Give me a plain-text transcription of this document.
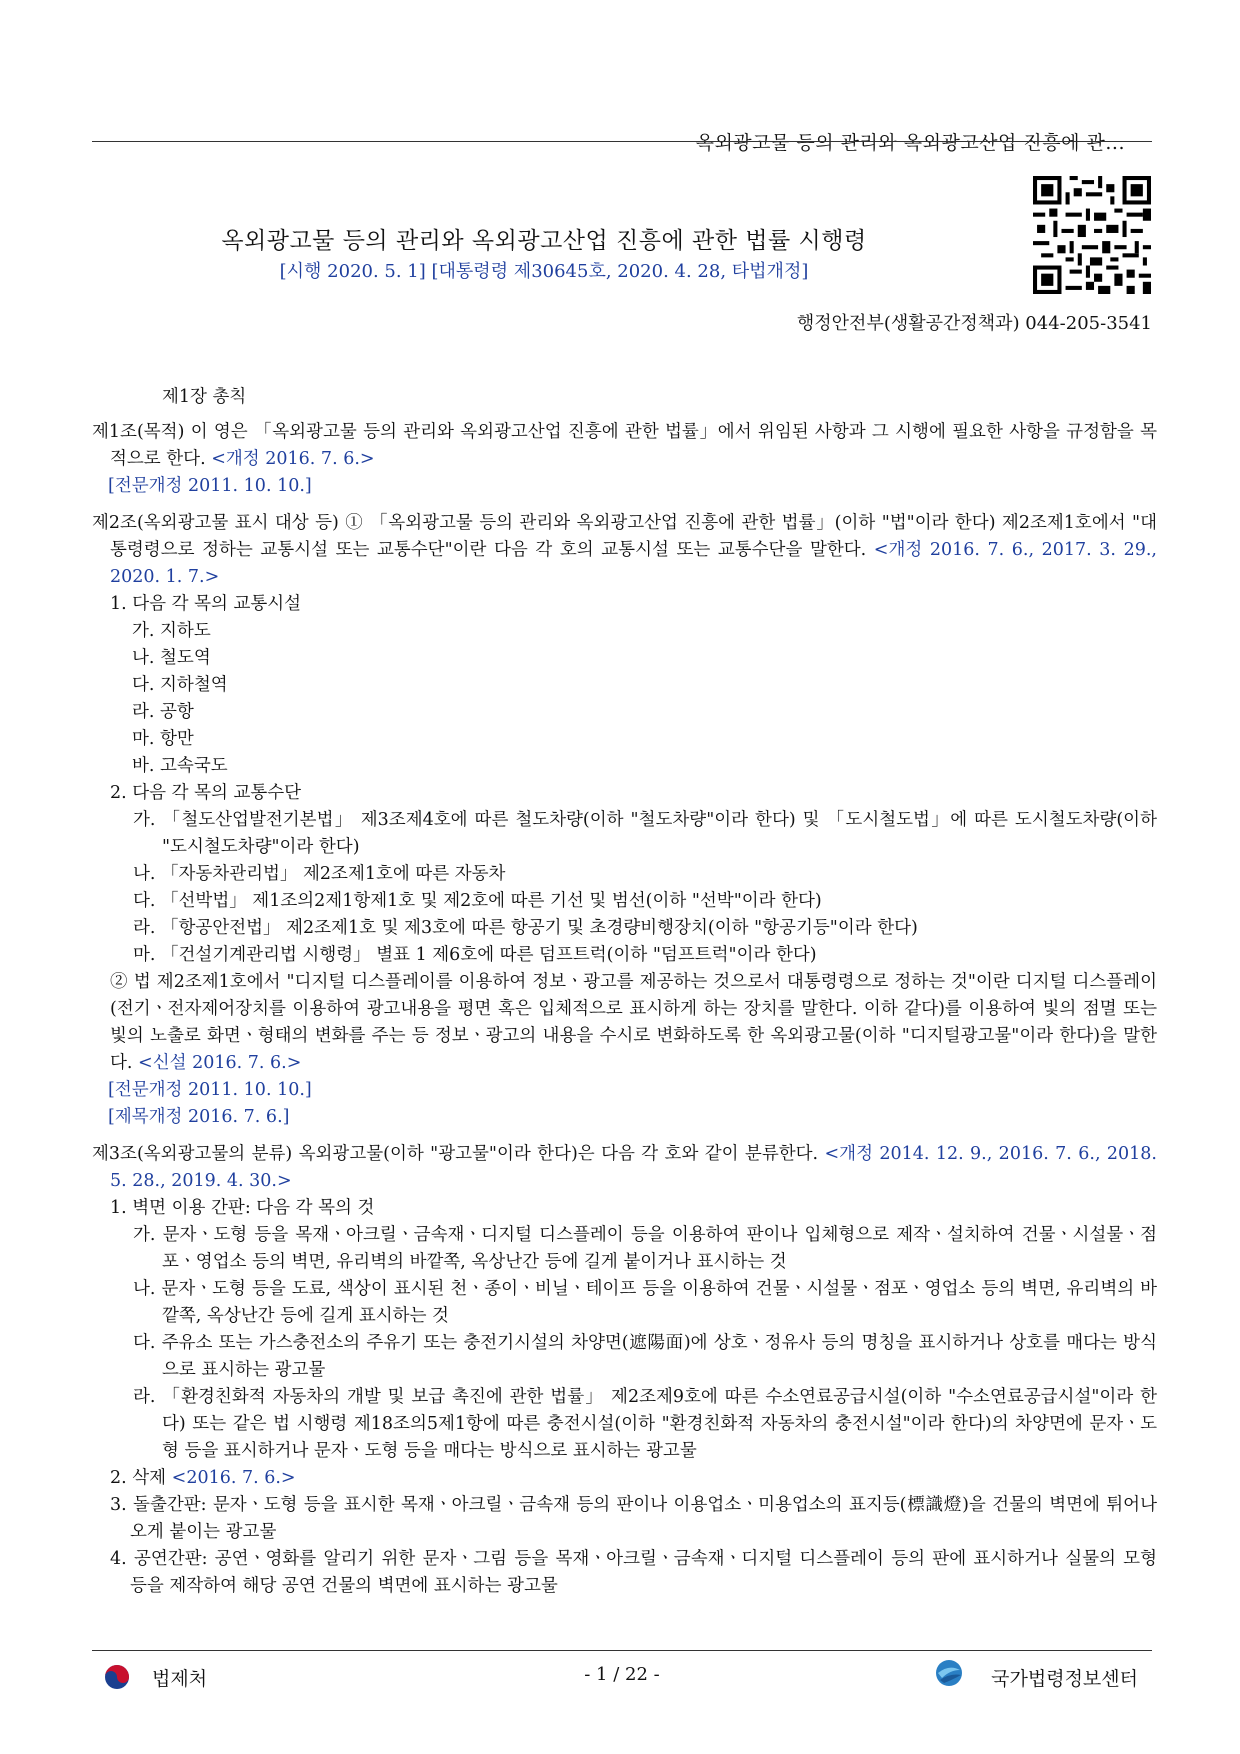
옥외광고물 등의 관리와 옥외광고산업 진흥에 관...
옥외광고물 등의 관리와 옥외광고산업 진흥에 관한 법률 시행령
[시행 2020. 5. 1] [대통령령 제30645호, 2020. 4. 28, 타법개정]
행정안전부(생활공간정책과) 044-205-3541
제1장 총칙
제1조(목적) 이 영은 「옥외광고물 등의 관리와 옥외광고산업 진흥에 관한 법률」에서 위임된 사항과 그 시행에 필요한 사항을 규정함을 목적으로 한다. <개정 2016. 7. 6.>
[전문개정 2011. 10. 10.]
제2조(옥외광고물 표시 대상 등) ① 「옥외광고물 등의 관리와 옥외광고산업 진흥에 관한 법률」(이하 "법"이라 한다) 제2조제1호에서 "대통령령으로 정하는 교통시설 또는 교통수단"이란 다음 각 호의 교통시설 또는 교통수단을 말한다. <개정 2016. 7. 6., 2017. 3. 29., 2020. 1. 7.>
1. 다음 각 목의 교통시설
가. 지하도
나. 철도역
다. 지하철역
라. 공항
마. 항만
바. 고속국도
2. 다음 각 목의 교통수단
가. 「철도산업발전기본법」 제3조제4호에 따른 철도차량(이하 "철도차량"이라 한다) 및 「도시철도법」에 따른 도시철도차량(이하 "도시철도차량"이라 한다)
나. 「자동차관리법」 제2조제1호에 따른 자동차
다. 「선박법」 제1조의2제1항제1호 및 제2호에 따른 기선 및 범선(이하 "선박"이라 한다)
라. 「항공안전법」 제2조제1호 및 제3호에 따른 항공기 및 초경량비행장치(이하 "항공기등"이라 한다)
마. 「건설기계관리법 시행령」 별표 1 제6호에 따른 덤프트럭(이하 "덤프트럭"이라 한다)
② 법 제2조제1호에서 "디지털 디스플레이를 이용하여 정보ㆍ광고를 제공하는 것으로서 대통령령으로 정하는 것"이란 디지털 디스플레이(전기ㆍ전자제어장치를 이용하여 광고내용을 평면 혹은 입체적으로 표시하게 하는 장치를 말한다. 이하 같다)를 이용하여 빛의 점멸 또는 빛의 노출로 화면ㆍ형태의 변화를 주는 등 정보ㆍ광고의 내용을 수시로 변화하도록 한 옥외광고물(이하 "디지털광고물"이라 한다)을 말한다. <신설 2016. 7. 6.>
[전문개정 2011. 10. 10.]
[제목개정 2016. 7. 6.]
제3조(옥외광고물의 분류) 옥외광고물(이하 "광고물"이라 한다)은 다음 각 호와 같이 분류한다. <개정 2014. 12. 9., 2016. 7. 6., 2018. 5. 28., 2019. 4. 30.>
1. 벽면 이용 간판: 다음 각 목의 것
가. 문자ㆍ도형 등을 목재ㆍ아크릴ㆍ금속재ㆍ디지털 디스플레이 등을 이용하여 판이나 입체형으로 제작ㆍ설치하여 건물ㆍ시설물ㆍ점포ㆍ영업소 등의 벽면, 유리벽의 바깥쪽, 옥상난간 등에 길게 붙이거나 표시하는 것
나. 문자ㆍ도형 등을 도료, 색상이 표시된 천ㆍ종이ㆍ비닐ㆍ테이프 등을 이용하여 건물ㆍ시설물ㆍ점포ㆍ영업소 등의 벽면, 유리벽의 바깥쪽, 옥상난간 등에 길게 표시하는 것
다. 주유소 또는 가스충전소의 주유기 또는 충전기시설의 차양면(遮陽面)에 상호ㆍ정유사 등의 명칭을 표시하거나 상호를 매다는 방식으로 표시하는 광고물
라. 「환경친화적 자동차의 개발 및 보급 촉진에 관한 법률」 제2조제9호에 따른 수소연료공급시설(이하 "수소연료공급시설"이라 한다) 또는 같은 법 시행령 제18조의5제1항에 따른 충전시설(이하 "환경친화적 자동차의 충전시설"이라 한다)의 차양면에 문자ㆍ도형 등을 표시하거나 문자ㆍ도형 등을 매다는 방식으로 표시하는 광고물
2. 삭제 <2016. 7. 6.>
3. 돌출간판: 문자ㆍ도형 등을 표시한 목재ㆍ아크릴ㆍ금속재 등의 판이나 이용업소ㆍ미용업소의 표지등(標識燈)을 건물의 벽면에 튀어나오게 붙이는 광고물
4. 공연간판: 공연ㆍ영화를 알리기 위한 문자ㆍ그림 등을 목재ㆍ아크릴ㆍ금속재ㆍ디지털 디스플레이 등의 판에 표시하거나 실물의 모형 등을 제작하여 해당 공연 건물의 벽면에 표시하는 광고물
법제처	- 1 / 22 -	국가법령정보센터
